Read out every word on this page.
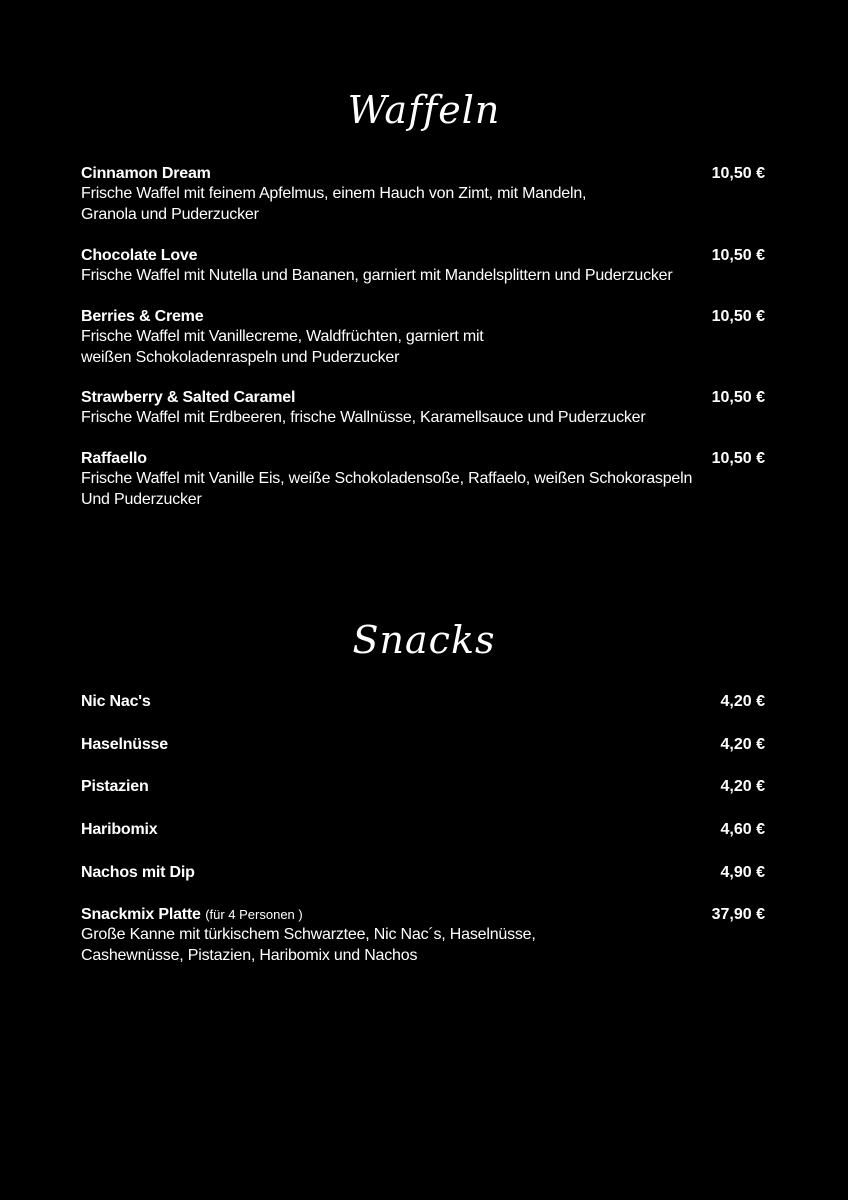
Waffeln
Cinnamon Dream	10,50 €
Frische Waffel mit feinem Apfelmus, einem Hauch von Zimt, mit Mandeln,
Granola und Puderzucker
Chocolate Love	10,50 €
Frische Waffel mit Nutella und Bananen, garniert mit Mandelsplittern und Puderzucker
Berries & Creme	10,50 €
Frische Waffel mit Vanillecreme, Waldfrüchten, garniert mit
weißen Schokoladenraspeln und Puderzucker
Strawberry & Salted Caramel	10,50 €
Frische Waffel mit Erdbeeren, frische Wallnüsse, Karamellsauce und Puderzucker
Raffaello	10,50 €
Frische Waffel mit Vanille Eis, weiße Schokoladensoße, Raffaelo, weißen Schokoraspeln
Und Puderzucker
Snacks
Nic Nac's	4,20 €
Haselnüsse	4,20 €
Pistazien	4,20 €
Haribomix	4,60 €
Nachos mit Dip	4,90 €
Snackmix Platte (für 4 Personen )	37,90 €
Große Kanne mit türkischem Schwarztee, Nic Nac´s, Haselnüsse,
Cashewnüsse, Pistazien, Haribomix und Nachos
